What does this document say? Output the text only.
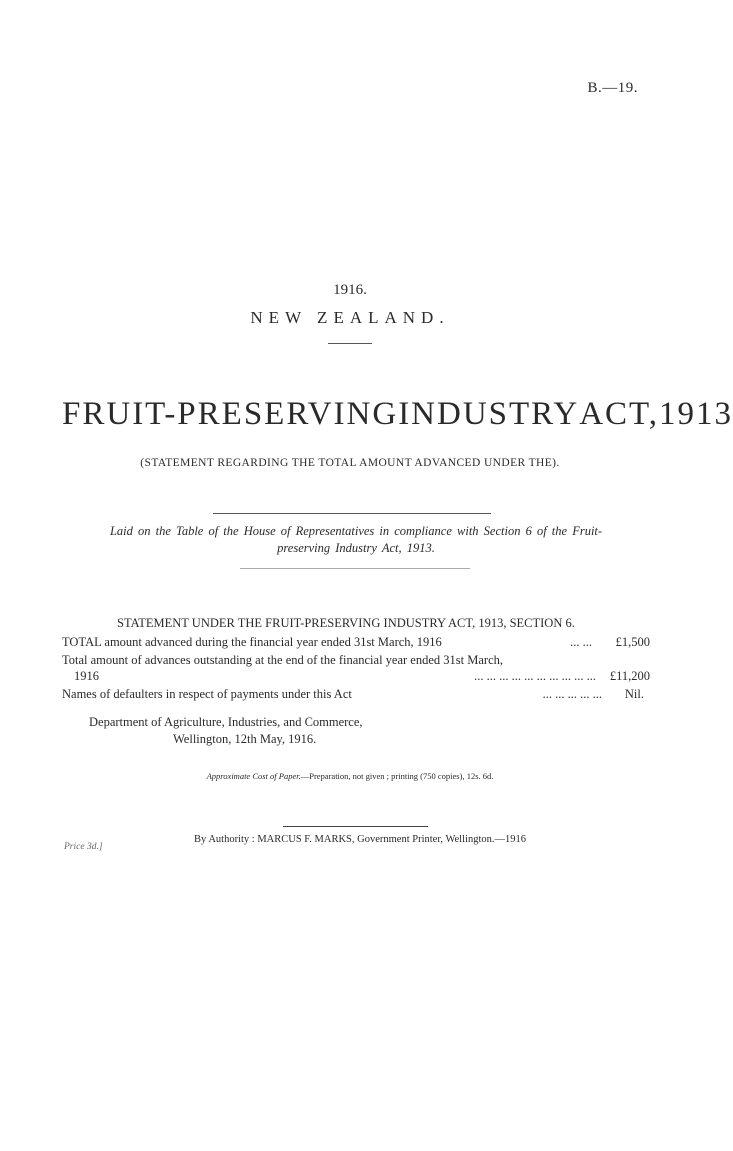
B.—19.
1916.
NEW ZEALAND.
FRUIT-PRESERVING INDUSTRY ACT, 1913
(STATEMENT REGARDING THE TOTAL AMOUNT ADVANCED UNDER THE).
Laid on the Table of the House of Representatives in compliance with Section 6 of the Fruit-
preserving Industry Act, 1913.
STATEMENT UNDER THE FRUIT-PRESERVING INDUSTRY ACT, 1913, SECTION 6.
TOTAL amount advanced during the financial year ended 31st March, 1916	... ...	£1,500
Total amount of advances outstanding at the end of the financial year ended 31st March,
1916	... ... ... ... ... ... ... ... ... ...	£11,200
Names of defaulters in respect of payments under this Act	... ... ... ... ...	Nil.
Department of Agriculture, Industries, and Commerce,
Wellington, 12th May, 1916.
Approximate Cost of Paper.—Preparation, not given ; printing (750 copies), 12s. 6d.
By Authority : MARCUS F. MARKS, Government Printer, Wellington.—1916
Price 3d.]
